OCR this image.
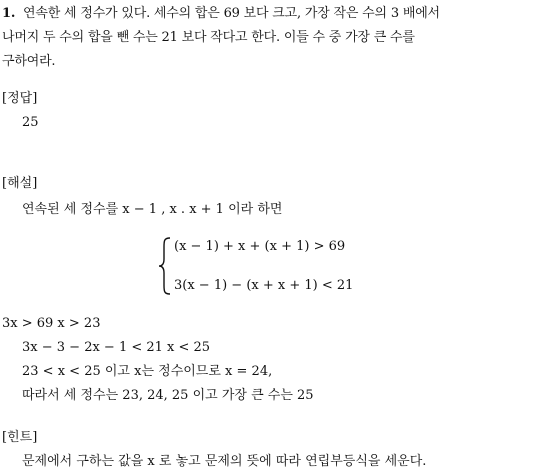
1. 연속한 세 정수가 있다. 세수의 합은 69 보다 크고, 가장 작은 수의 3 배에서

나머지 두 수의 합을 뺀 수는 21 보다 작다고 한다. 이들 수 중 가장 큰 수를

구하여라.

[정답]
25
[해설]
연속된 세 정수를 x − 1 , x . x + 1 이라 하면
(x − 1) + x + (x + 1) > 69
3(x − 1) − (x + x + 1) < 21
3x > 69 x > 23
3x − 3 − 2x − 1 < 21 x < 25
23 < x < 25 이고 x는 정수이므로 x = 24,
따라서 세 정수는 23, 24, 25 이고 가장 큰 수는 25
[힌트]
문제에서 구하는 값을 x 로 놓고 문제의 뜻에 따라 연립부등식을 세운다.
